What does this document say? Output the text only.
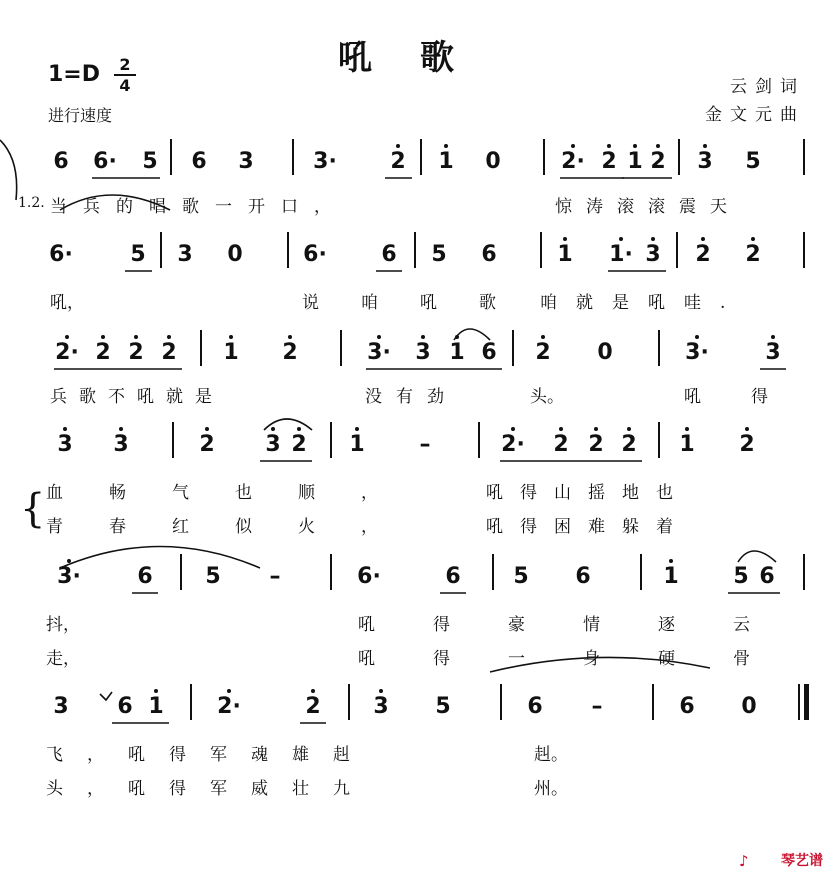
吼歌
1=D	2
4
进行速度
云剑词
金文元曲
6 6· 5 6 3	3· 2 1 0	2· 2 1 2 3 5
1.2. 当兵的唱歌一开口，	惊涛滚滚震天
6·	5 3 0	6· 6 5 6	1 1· 3 2 2
吼，	说咱吼歌 咱就是吼哇.
2· 2 2 2 1 2	3· 3 1 6 2 0	3·	3
兵歌不吼就是	没有劲	头。	吼得
3 3	2 3 2 1	–	2· 2 2 2 1 2
{ 血畅气也顺，	吼得山摇地也
青春红似火，	吼得困难躲着
3·	6 5	–	6·	6 5 6	1 5 6
抖，	吼得豪情逐云
走，	吼得一身硬骨
3 6 1 2·	2 3 5	6	–	6 0
飞，吼得军魂雄赳	赳。
头，吼得军威壮九	州。
♪	琴艺谱
